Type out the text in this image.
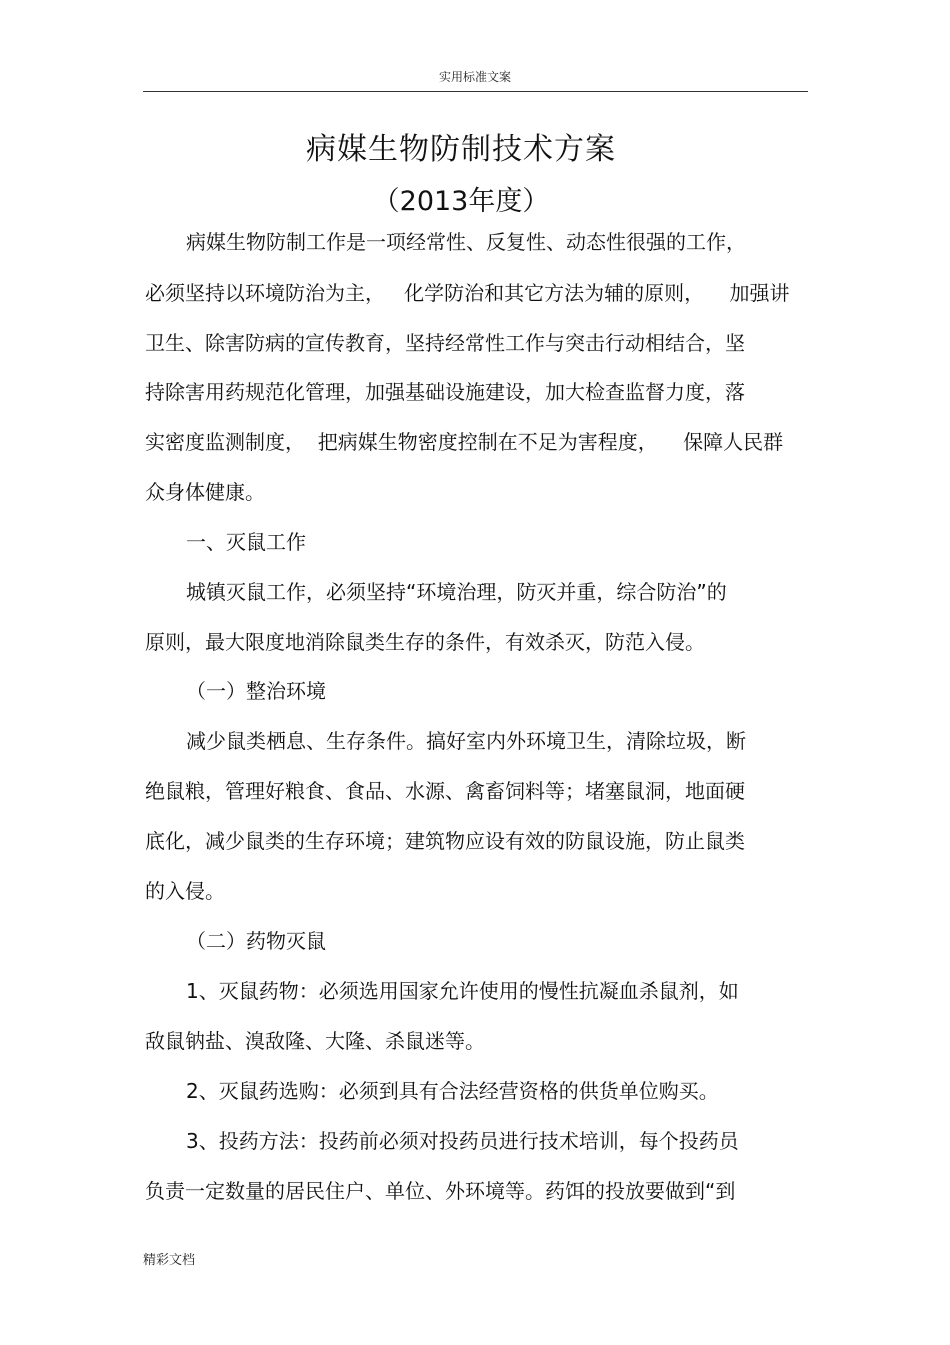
实用标准文案
病媒生物防制技术方案
（2013年度）
病媒生物防制工作是一项经常性、反复性、动态性很强的工作，
必须坚持以环境防治为主，   化学防治和其它方法为辅的原则，    加强讲
卫生、除害防病的宣传教育，坚持经常性工作与突击行动相结合，坚
持除害用药规范化管理，加强基础设施建设，加大检查监督力度，落
实密度监测制度，  把病媒生物密度控制在不足为害程度，    保障人民群
众身体健康。
一、灭鼠工作
城镇灭鼠工作，必须坚持“环境治理，防灭并重，综合防治”的
原则，最大限度地消除鼠类生存的条件，有效杀灭，防范入侵。
（一）整治环境
减少鼠类栖息、生存条件。搞好室内外环境卫生，清除垃圾，断
绝鼠粮，管理好粮食、食品、水源、禽畜饲料等；堵塞鼠洞，地面硬
底化，减少鼠类的生存环境；建筑物应设有效的防鼠设施，防止鼠类
的入侵。
（二）药物灭鼠
1、灭鼠药物：必须选用国家允许使用的慢性抗凝血杀鼠剂，如
敌鼠钠盐、溴敌隆、大隆、杀鼠迷等。
2、灭鼠药选购：必须到具有合法经营资格的供货单位购买。
3、投药方法：投药前必须对投药员进行技术培训，每个投药员
负责一定数量的居民住户、单位、外环境等。药饵的投放要做到“到
精彩文档
